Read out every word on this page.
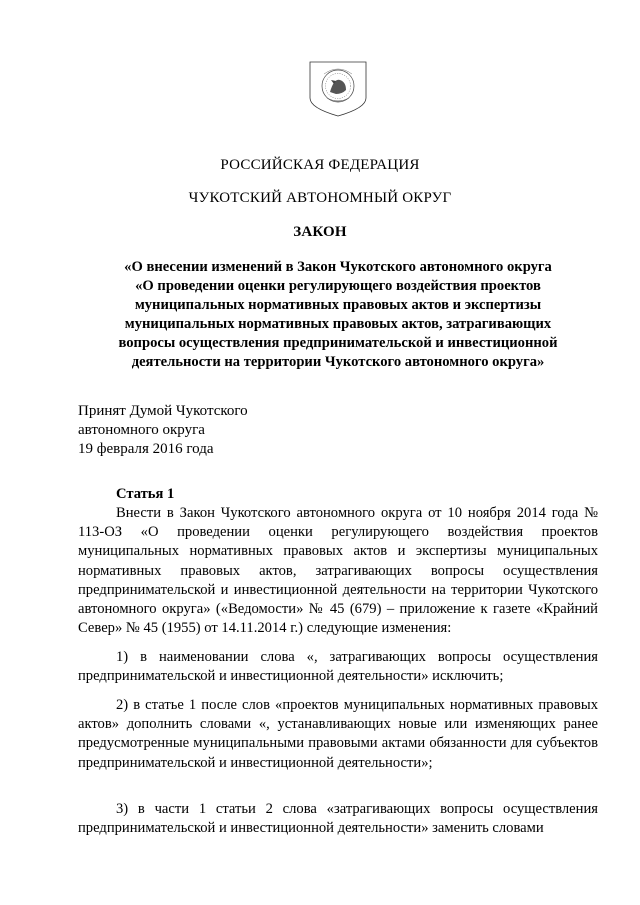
РОССИЙСКАЯ ФЕДЕРАЦИЯ
ЧУКОТСКИЙ АВТОНОМНЫЙ ОКРУГ
ЗАКОН
«О внесении изменений в Закон Чукотского автономного округа
«О проведении оценки регулирующего воздействия проектов
муниципальных нормативных правовых актов и экспертизы
муниципальных нормативных правовых актов, затрагивающих
вопросы осуществления предпринимательской и инвестиционной
деятельности на территории Чукотского автономного округа»
Принят Думой Чукотского
автономного округа
19 февраля 2016 года
Статья 1

Внести в Закон Чукотского автономного округа от 10 ноября 2014 года № 113-ОЗ «О проведении оценки регулирующего воздействия проектов муниципальных нормативных правовых актов и экспертизы муниципальных нормативных правовых актов, затрагивающих вопросы осуществления предпринимательской и инвестиционной деятельности на территории Чукотского автономного округа» («Ведомости» № 45 (679) – приложение к газете «Крайний Север» № 45 (1955) от 14.11.2014 г.) следующие изменения:

1) в наименовании слова «, затрагивающих вопросы осуществления предпринимательской и инвестиционной деятельности» исключить;

2) в статье 1 после слов «проектов муниципальных нормативных правовых актов» дополнить словами «, устанавливающих новые или изменяющих ранее предусмотренные муниципальными правовыми актами обязанности для субъектов предпринимательской и инвестиционной деятельности»;

3) в части 1 статьи 2 слова «затрагивающих вопросы осуществления предпринимательской и инвестиционной деятельности» заменить словами
